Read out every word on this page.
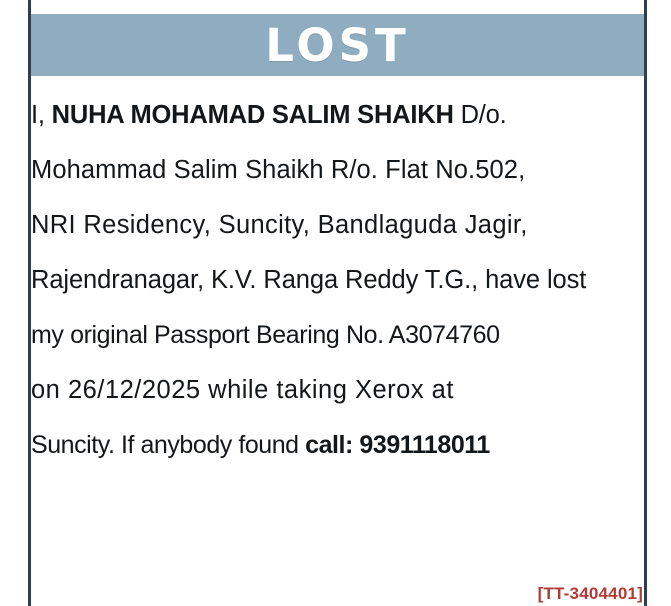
LOST
I, NUHA MOHAMAD SALIM SHAIKH D/o.
Mohammad Salim Shaikh R/o. Flat No.502,
NRI Residency, Suncity, Bandlaguda Jagir,
Rajendranagar, K.V. Ranga Reddy T.G., have lost
my original Passport Bearing No. A3074760
on 26/12/2025 while taking Xerox at
Suncity. If anybody found call: 9391118011
[TT-3404401]
